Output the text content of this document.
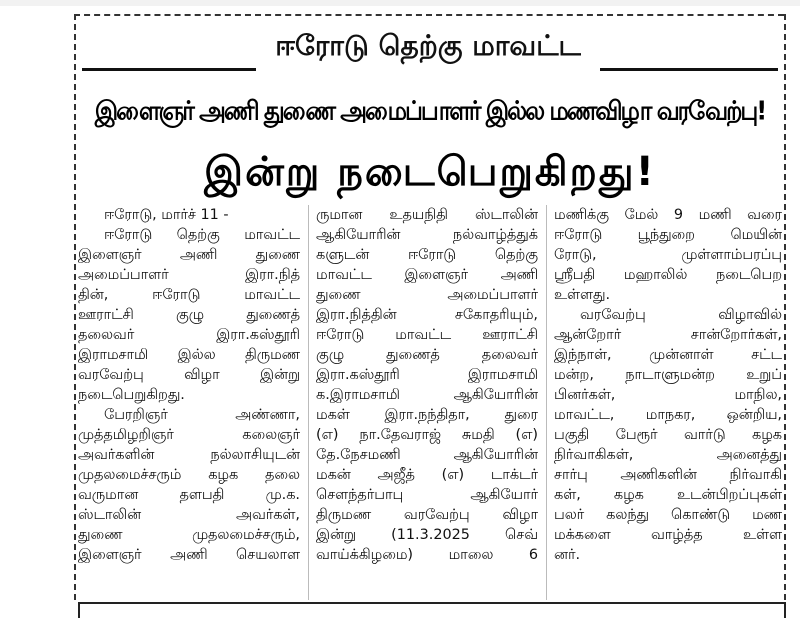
ஈரோடு தெற்கு மாவட்ட
இளைஞர் அணி துணை அமைப்பாளர் இல்ல மணவிழா வரவேற்பு!
இன்று நடைபெறுகிறது!
ஈரோடு, மார்ச் 11 -
ஈரோடு தெற்கு மாவட்ட
இளைஞர் அணி துணை
அமைப்பாளர் இரா.நித்
தின், ஈரோடு மாவட்ட
ஊராட்சி குழு துணைத்
தலைவர் இரா.கஸ்தூரி
இராமசாமி இல்ல திருமண
வரவேற்பு விழா இன்று
நடைபெறுகிறது.
பேரறிஞர் அண்ணா,
முத்தமிழறிஞர் கலைஞர்
அவர்களின் நல்லாசியுடன்
முதலமைச்சரும் கழக தலை
வருமான தளபதி மு.க.
ஸ்டாலின் அவர்கள்,
துணை முதலமைச்சரும்,
இளைஞர் அணி செயலாள
ருமான உதயநிதி ஸ்டாலின்
ஆகியோரின் நல்வாழ்த்துக்
களுடன் ஈரோடு தெற்கு
மாவட்ட இளைஞர் அணி
துணை அமைப்பாளர்
இரா.நித்தின் சகோதரியும்,
ஈரோடு மாவட்ட ஊராட்சி
குழு துணைத் தலைவர்
இரா.கஸ்தூரி இராமசாமி
க.இராமசாமி ஆகியோரின்
மகள் இரா.நந்திதா, துரை
(எ) நா.தேவராஜ் சுமதி (எ)
தே.நேசமணி ஆகியோரின்
மகன் அஜீத் (எ) டாக்டர்
சௌந்தர்பாபு ஆகியோர்
திருமண வரவேற்பு விழா
இன்று (11.3.2025 செவ்
வாய்க்கிழமை) மாலை 6
மணிக்கு மேல் 9 மணி வரை
ஈரோடு பூந்துறை மெயின்
ரோடு, முள்ளாம்பரப்பு
ஸ்ரீபதி மஹாலில் நடைபெற
உள்ளது.
வரவேற்பு விழாவில்
ஆன்றோர் சான்றோர்கள்,
இந்நாள், முன்னாள் சட்ட
மன்ற, நாடாளுமன்ற உறுப்
பினர்கள், மாநில,
மாவட்ட, மாநகர, ஒன்றிய,
பகுதி பேரூர் வார்டு கழக
நிர்வாகிகள், அனைத்து
சார்பு அணிகளின் நிர்வாகி
கள், கழக உடன்பிறப்புகள்
பலர் கலந்து கொண்டு மண
மக்களை வாழ்த்த உள்ள
னர்.
